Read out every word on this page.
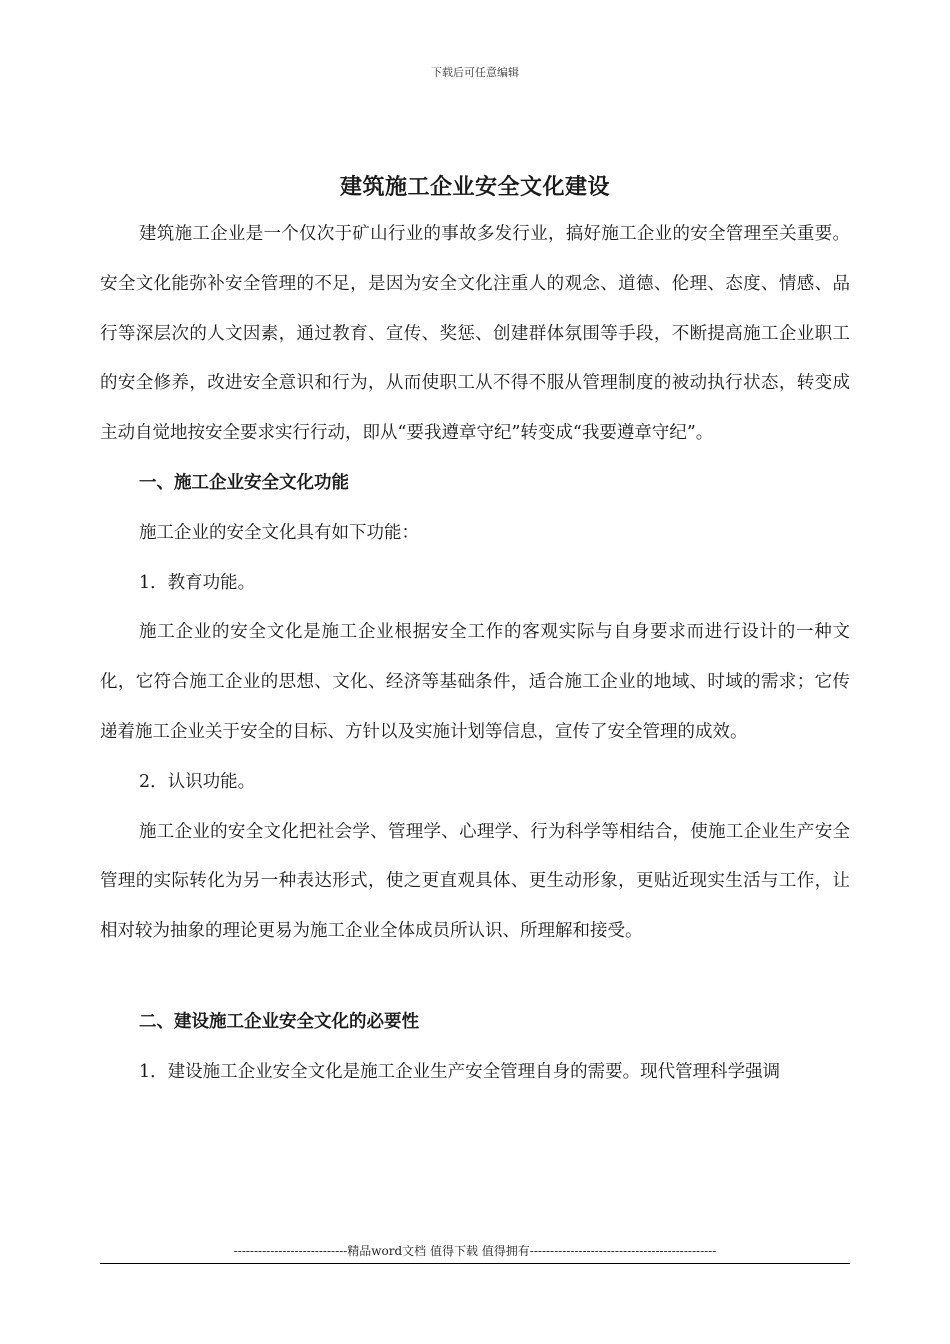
下载后可任意编辑
建筑施工企业安全文化建设

建筑施工企业是一个仅次于矿山行业的事故多发行业，搞好施工企业的安全管理至关重要。安全文化能弥补安全管理的不足，是因为安全文化注重人的观念、道德、伦理、态度、情感、品行等深层次的人文因素，通过教育、宣传、奖惩、创建群体氛围等手段，不断提高施工企业职工的安全修养，改进安全意识和行为，从而使职工从不得不服从管理制度的被动执行状态，转变成主动自觉地按安全要求实行行动，即从“要我遵章守纪”转变成“我要遵章守纪”。

一、施工企业安全文化功能

施工企业的安全文化具有如下功能：

1．教育功能。

施工企业的安全文化是施工企业根据安全工作的客观实际与自身要求而进行设计的一种文化，它符合施工企业的思想、文化、经济等基础条件，适合施工企业的地域、时域的需求；它传递着施工企业关于安全的目标、方针以及实施计划等信息，宣传了安全管理的成效。

2．认识功能。

施工企业的安全文化把社会学、管理学、心理学、行为科学等相结合，使施工企业生产安全管理的实际转化为另一种表达形式，使之更直观具体、更生动形象，更贴近现实生活与工作，让相对较为抽象的理论更易为施工企业全体成员所认识、所理解和接受。

二、建设施工企业安全文化的必要性

1．建设施工企业安全文化是施工企业生产安全管理自身的需要。现代管理科学强调

----------------------------精品word文档 值得下载 值得拥有----------------------------------------------
